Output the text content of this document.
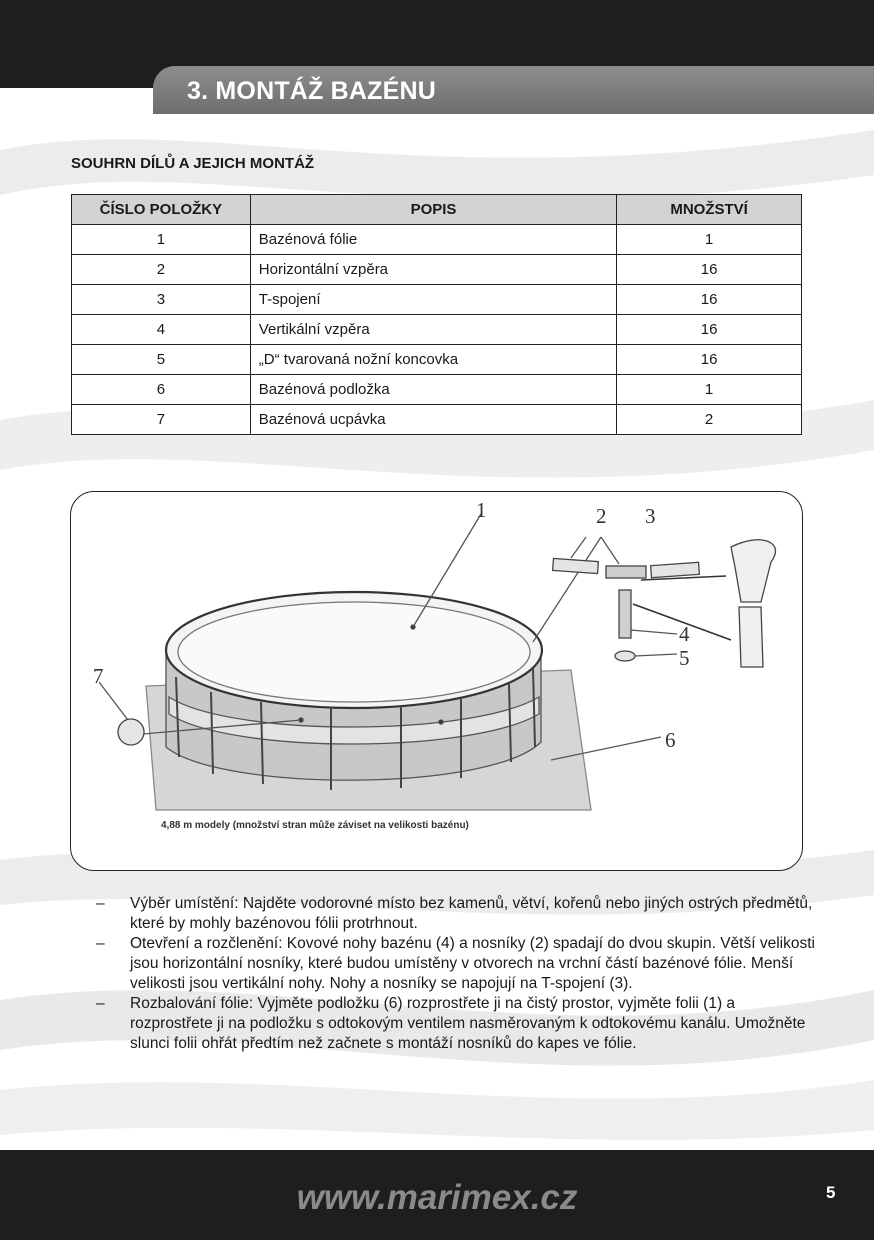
3. MONTÁŽ BAZÉNU
SOUHRN DÍLŮ A JEJICH MONTÁŽ
ČÍSLO POLOŽKY	POPIS	MNOŽSTVÍ
1	Bazénová fólie	1
2	Horizontální vzpěra	16
3	T-spojení	16
4	Vertikální vzpěra	16
5	„D“ tvarovaná nožní koncovka	16
6	Bazénová podložka	1
7	Bazénová ucpávka	2
1	2 3
4
5
6
7
4,88 m modely (množství stran může záviset na velikosti bazénu)

– Výběr umístění: Najděte vodorovné místo bez kamenů, větví, kořenů nebo jiných ostrých předmětů, které by mohly bazénovou fólii protrhnout.

– Otevření a rozčlenění: Kovové nohy bazénu (4) a nosníky (2) spadají do dvou skupin. Větší velikosti jsou horizontální nosníky, které budou umístěny v otvorech na vrchní částí bazénové fólie. Menší velikosti jsou vertikální nohy. Nohy a nosníky se napojují na T-spojení (3).

– Rozbalování fólie: Vyjměte podložku (6) rozprostřete ji na čistý prostor, vyjměte folii (1) a rozprostřete ji na podložku s odtokovým ventilem nasměrovaným k odtokovému kanálu. Umožněte slunci folii ohřát předtím než začnete s montáží nosníků do kapes ve fólie.

www.marimex.cz	5
